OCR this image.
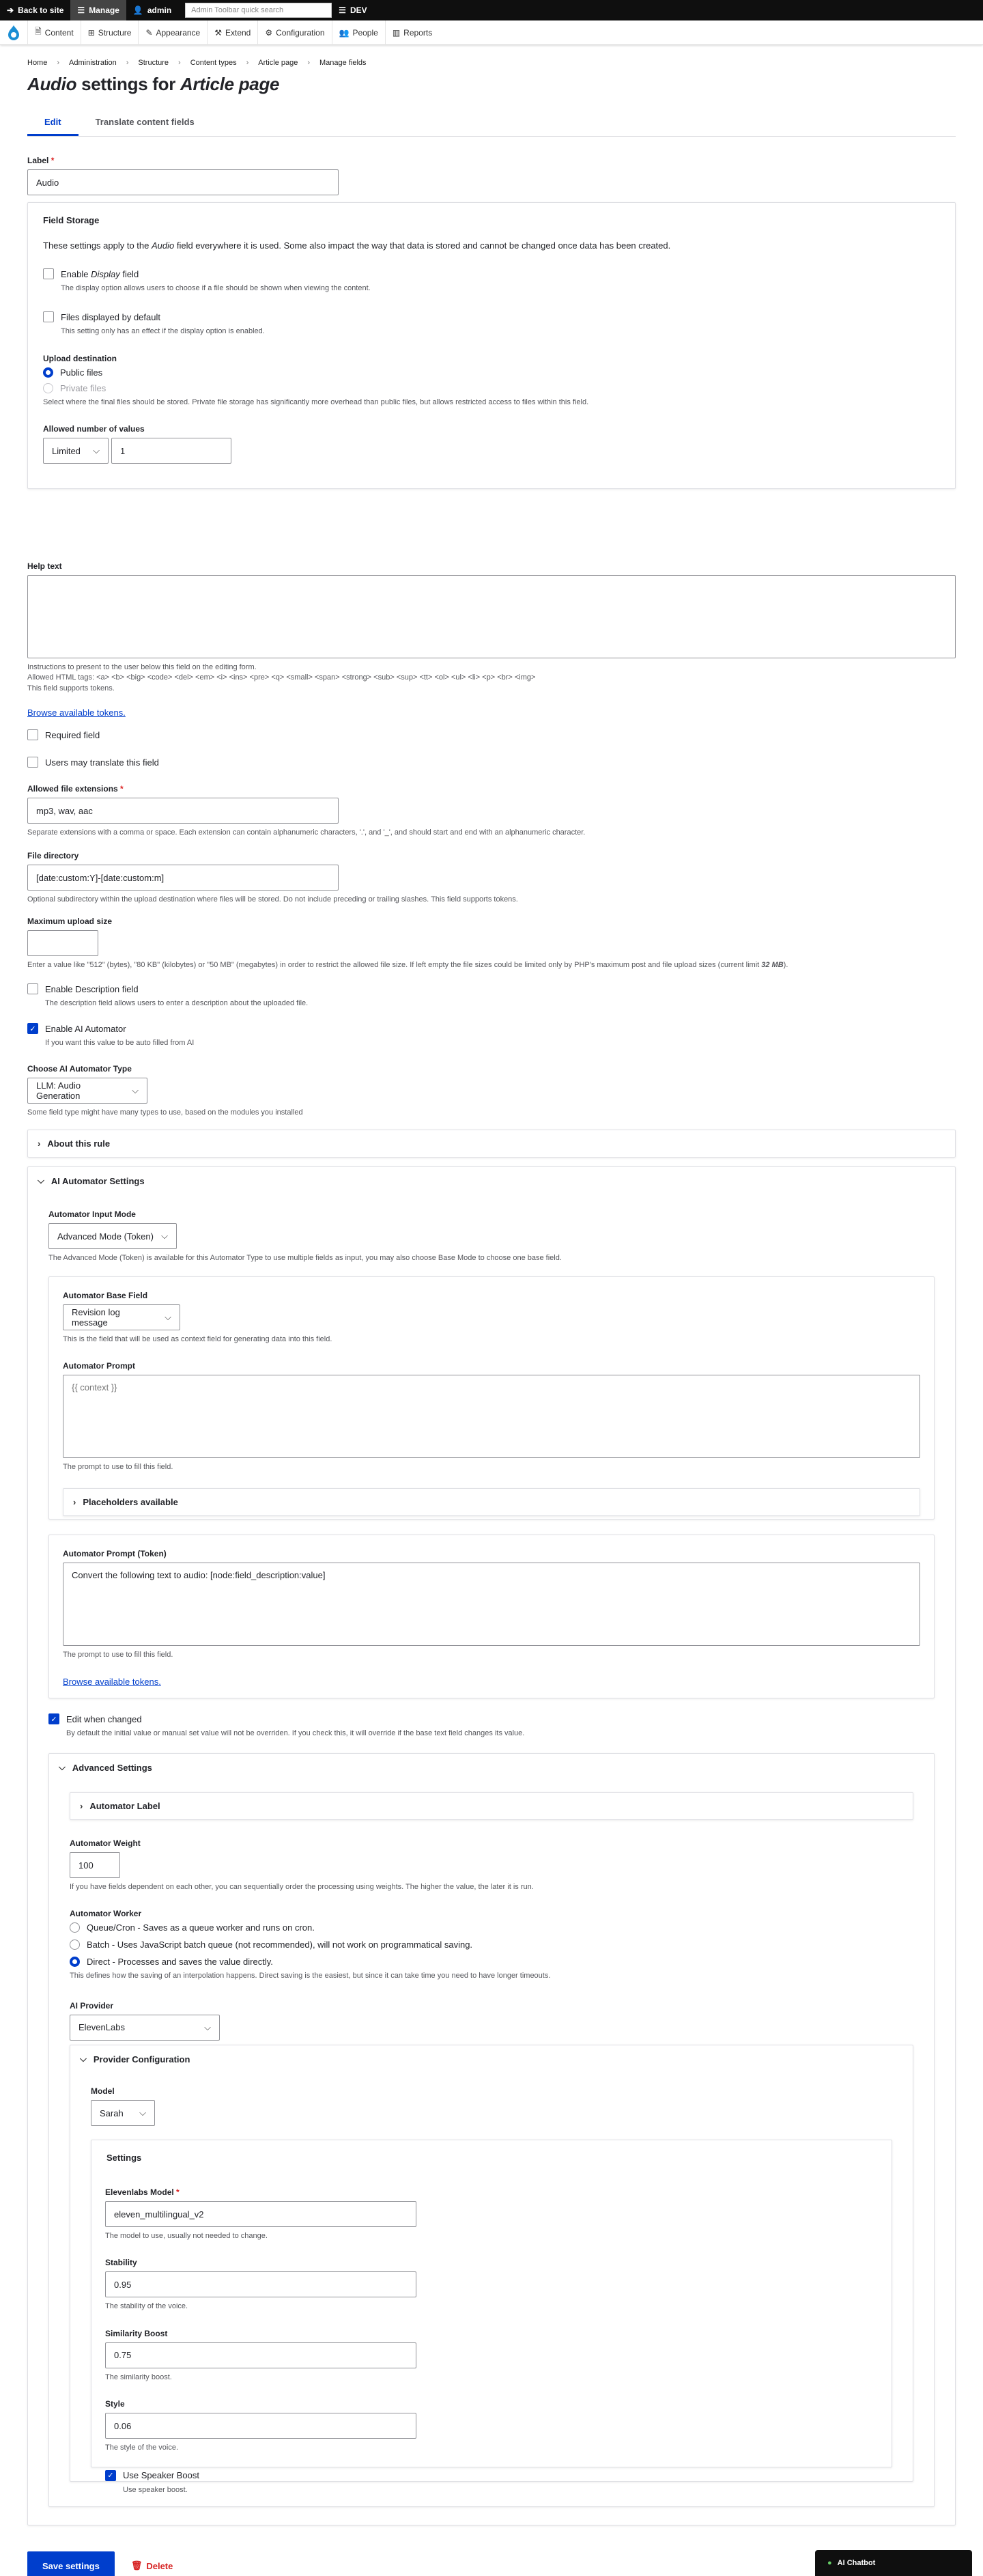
➔ Back to site ☰ Manage 👤 admin	Admin Toolbar quick search	☰ DEV
🗎 Content ⊞ Structure ✎ Appearance ⚒ Extend ⚙ Configuration 👥 People ▥ Reports
Home › Administration › Structure › Content types › Article page › Manage fields
Audio settings for Article page
Edit	Translate content fields
Label *
Audio
Field Storage
These settings apply to the Audio field everywhere it is used. Some also impact the way that data is stored and cannot be changed once data has been created.
Enable Display field
The display option allows users to choose if a file should be shown when viewing the content.
Files displayed by default
This setting only has an effect if the display option is enabled.
Upload destination
Public files
Private files
Select where the final files should be stored. Private file storage has significantly more overhead than public files, but allows restricted access to files within this field.
Allowed number of values
Limited ⌵	1
Help text
Instructions to present to the user below this field on the editing form.
Allowed HTML tags: <a> <b> <big> <code> <del> <em> <i> <ins> <pre> <q> <small> <span> <strong> <sub> <sup> <tt> <ol> <ul> <li> <p> <br> <img>
This field supports tokens.
Browse available tokens.
Required field
Users may translate this field
Allowed file extensions *
mp3, wav, aac
Separate extensions with a comma or space. Each extension can contain alphanumeric characters, '.', and '_', and should start and end with an alphanumeric character.
File directory
[date:custom:Y]-[date:custom:m]
Optional subdirectory within the upload destination where files will be stored. Do not include preceding or trailing slashes. This field supports tokens.
Maximum upload size
Enter a value like "512" (bytes), "80 KB" (kilobytes) or "50 MB" (megabytes) in order to restrict the allowed file size. If left empty the file sizes could be limited only by PHP's maximum post and file upload sizes (current limit 32 MB).
Enable Description field
The description field allows users to enter a description about the uploaded file.
✓ Enable AI Automator
If you want this value to be auto filled from AI
Choose AI Automator Type
LLM: Audio Generation
⌵
Some field type might have many types to use, based on the modules you installed
› About this rule
⌵ AI Automator Settings
Automator Input Mode
Advanced Mode (Token) ⌵
The Advanced Mode (Token) is available for this Automator Type to use multiple fields as input, you may also choose Base Mode to choose one base field.
Automator Base Field
Revision log message
⌵
This is the field that will be used as context field for generating data into this field.
Automator Prompt
{{ context }}
The prompt to use to fill this field.
› Placeholders available
Automator Prompt (Token)
Convert the following text to audio: [node:field_description:value]
The prompt to use to fill this field.
Browse available tokens.
✓ Edit when changed
By default the initial value or manual set value will not be overriden. If you check this, it will override if the base text field changes its value.
⌵ Advanced Settings
› Automator Label
Automator Weight
100
If you have fields dependent on each other, you can sequentially order the processing using weights. The higher the value, the later it is run.
Automator Worker
Queue/Cron - Saves as a queue worker and runs on cron.
Batch - Uses JavaScript batch queue (not recommended), will not work on programmatical saving.
Direct - Processes and saves the value directly.
This defines how the saving of an interpolation happens. Direct saving is the easiest, but since it can take time you need to have longer timeouts.
AI Provider
ElevenLabs	⌵
⌵ Provider Configuration
Model
Sarah ⌵
Settings
Elevenlabs Model *
eleven_multilingual_v2
The model to use, usually not needed to change.
Stability
0.95
The stability of the voice.
Similarity Boost
0.75
The similarity boost.
Style
0.06
The style of the voice.
✓ Use Speaker Boost
Use speaker boost.
Save settings	🗑 Delete	● AI Chatbot
